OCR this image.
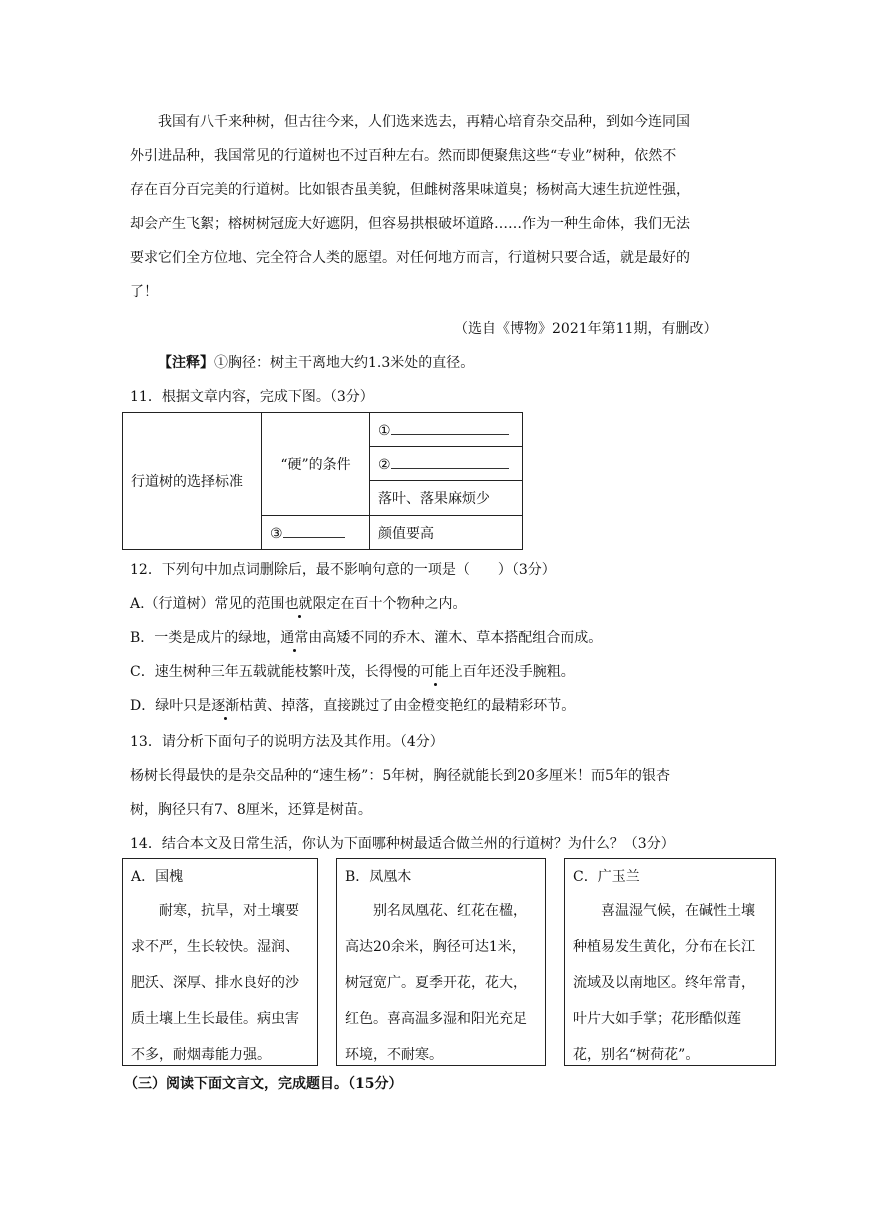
我国有八千来种树，但古往今来，人们选来选去，再精心培育杂交品种，到如今连同国

外引进品种，我国常见的行道树也不过百种左右。然而即便聚焦这些“专业”树种，依然不

存在百分百完美的行道树。比如银杏虽美貌，但雌树落果味道臭；杨树高大速生抗逆性强，

却会产生飞絮；榕树树冠庞大好遮阴，但容易拱根破坏道路……作为一种生命体，我们无法

要求它们全方位地、完全符合人类的愿望。对任何地方而言，行道树只要合适，就是最好的

了！

（选自《博物》2021年第11期，有删改）
【注释】①胸径：树主干离地大约1.3米处的直径。
11．根据文章内容，完成下图。（3分）
行道树的选择标准	“硬”的条件	①
		②
		落叶、落果麻烦少
	③	颜值要高
12．下列句中加点词删除后，最不影响句意的一项是（　　）（3分）
A.（行道树）常见的范围也就限定在百十个物种之内。
B．一类是成片的绿地，通常由高矮不同的乔木、灌木、草本搭配组合而成。
C．速生树种三年五载就能枝繁叶茂，长得慢的可能上百年还没手腕粗。
D．绿叶只是逐渐枯黄、掉落，直接跳过了由金橙变艳红的最精彩环节。
13．请分析下面句子的说明方法及其作用。（4分）
杨树长得最快的是杂交品种的“速生杨”：5年树，胸径就能长到20多厘米！而5年的银杏
树，胸径只有7、8厘米，还算是树苗。
14．结合本文及日常生活，你认为下面哪种树最适合做兰州的行道树？为什么？（3分）

A．国槐

耐寒，抗旱，对土壤要求不严，生长较快。湿润、肥沃、深厚、排水良好的沙质土壤上生长最佳。病虫害不多，耐烟毒能力强。

B．凤凰木

别名凤凰花、红花在楹，高达20余米，胸径可达1米，树冠宽广。夏季开花，花大，红色。喜高温多湿和阳光充足环境，不耐寒。

C．广玉兰

喜温湿气候，在碱性土壤种植易发生黄化，分布在长江流域及以南地区。终年常青，叶片大如手掌；花形酷似莲花，别名“树荷花”。

（三）阅读下面文言文，完成题目。（15分）
